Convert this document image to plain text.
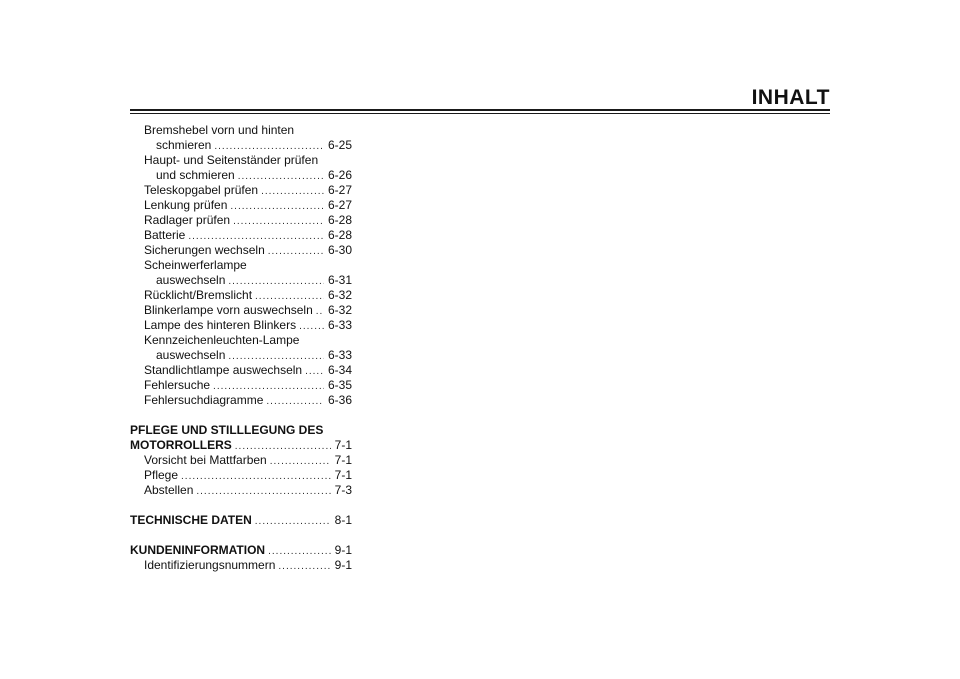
INHALT
Bremshebel vorn und hinten
schmieren .....	6-25
Haupt- und Seitenständer prüfen
und schmieren .....	6-26
Teleskopgabel prüfen .....	6-27
Lenkung prüfen .....	6-27
Radlager prüfen .....	6-28
Batterie .....	6-28
Sicherungen wechseln .....	6-30
Scheinwerferlampe
auswechseln .....	6-31
Rücklicht/Bremslicht .....	6-32
Blinkerlampe vorn auswechseln ..... 6-32
Lampe des hinteren Blinkers .....	6-33
Kennzeichenleuchten-Lampe
auswechseln .....	6-33
Standlichtlampe auswechseln ..... 6-34
Fehlersuche .....	6-35
Fehlersuchdiagramme .....	6-36
PFLEGE UND STILLLEGUNG DES
MOTORROLLERS .....	7-1
Vorsicht bei Mattfarben .....	7-1
Pflege .....	7-1
Abstellen .....	7-3
TECHNISCHE DATEN .....	8-1
KUNDENINFORMATION .....	9-1
Identifizierungsnummern .....	9-1
